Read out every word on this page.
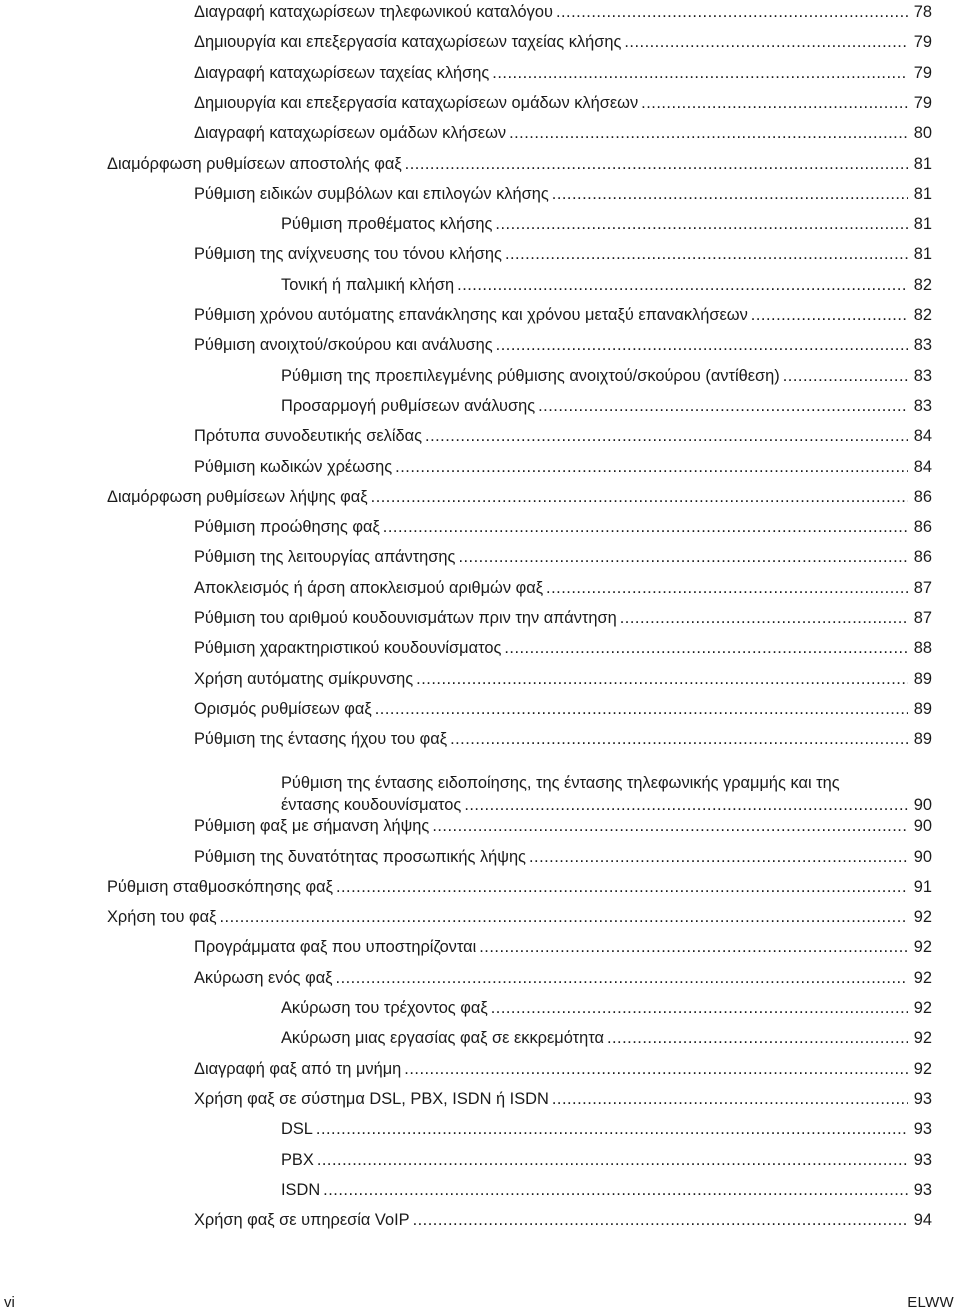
Διαγραφή καταχωρίσεων τηλεφωνικού καταλόγου .....	78
Δημιουργία και επεξεργασία καταχωρίσεων ταχείας κλήσης .....	79
Διαγραφή καταχωρίσεων ταχείας κλήσης .....	79
Δημιουργία και επεξεργασία καταχωρίσεων ομάδων κλήσεων .....	79
Διαγραφή καταχωρίσεων ομάδων κλήσεων .....	80
Διαμόρφωση ρυθμίσεων αποστολής φαξ .....	81
Ρύθμιση ειδικών συμβόλων και επιλογών κλήσης .....	81
Ρύθμιση προθέματος κλήσης .....	81
Ρύθμιση της ανίχνευσης του τόνου κλήσης .....	81
Τονική ή παλμική κλήση .....	82
Ρύθμιση χρόνου αυτόματης επανάκλησης και χρόνου μεταξύ επανακλήσεων .....	82
Ρύθμιση ανοιχτού/σκούρου και ανάλυσης .....	83
Ρύθμιση της προεπιλεγμένης ρύθμισης ανοιχτού/σκούρου (αντίθεση) .....	83
Προσαρμογή ρυθμίσεων ανάλυσης .....	83
Πρότυπα συνοδευτικής σελίδας .....	84
Ρύθμιση κωδικών χρέωσης .....	84
Διαμόρφωση ρυθμίσεων λήψης φαξ .....	86
Ρύθμιση προώθησης φαξ .....	86
Ρύθμιση της λειτουργίας απάντησης .....	86
Αποκλεισμός ή άρση αποκλεισμού αριθμών φαξ .....	87
Ρύθμιση του αριθμού κουδουνισμάτων πριν την απάντηση .....	87
Ρύθμιση χαρακτηριστικού κουδουνίσματος .....	88
Χρήση αυτόματης σμίκρυνσης .....	89
Ορισμός ρυθμίσεων φαξ .....	89
Ρύθμιση της έντασης ήχου του φαξ .....	89
Ρύθμιση της έντασης ειδοποίησης, της έντασης τηλεφωνικής γραμμής και της
έντασης κουδουνίσματος .....	90
Ρύθμιση φαξ με σήμανση λήψης .....	90
Ρύθμιση της δυνατότητας προσωπικής λήψης .....	90
Ρύθμιση σταθμοσκόπησης φαξ .....	91
Χρήση του φαξ .....	92
Προγράμματα φαξ που υποστηρίζονται .....	92
Ακύρωση ενός φαξ .....	92
Ακύρωση του τρέχοντος φαξ .....	92
Ακύρωση μιας εργασίας φαξ σε εκκρεμότητα .....	92
Διαγραφή φαξ από τη μνήμη .....	92
Χρήση φαξ σε σύστημα DSL, PBX, ISDN ή ISDN .....	93
DSL .....	93
PBX .....	93
ISDN .....	93
Χρήση φαξ σε υπηρεσία VoIP .....	94
vi	ELWW
